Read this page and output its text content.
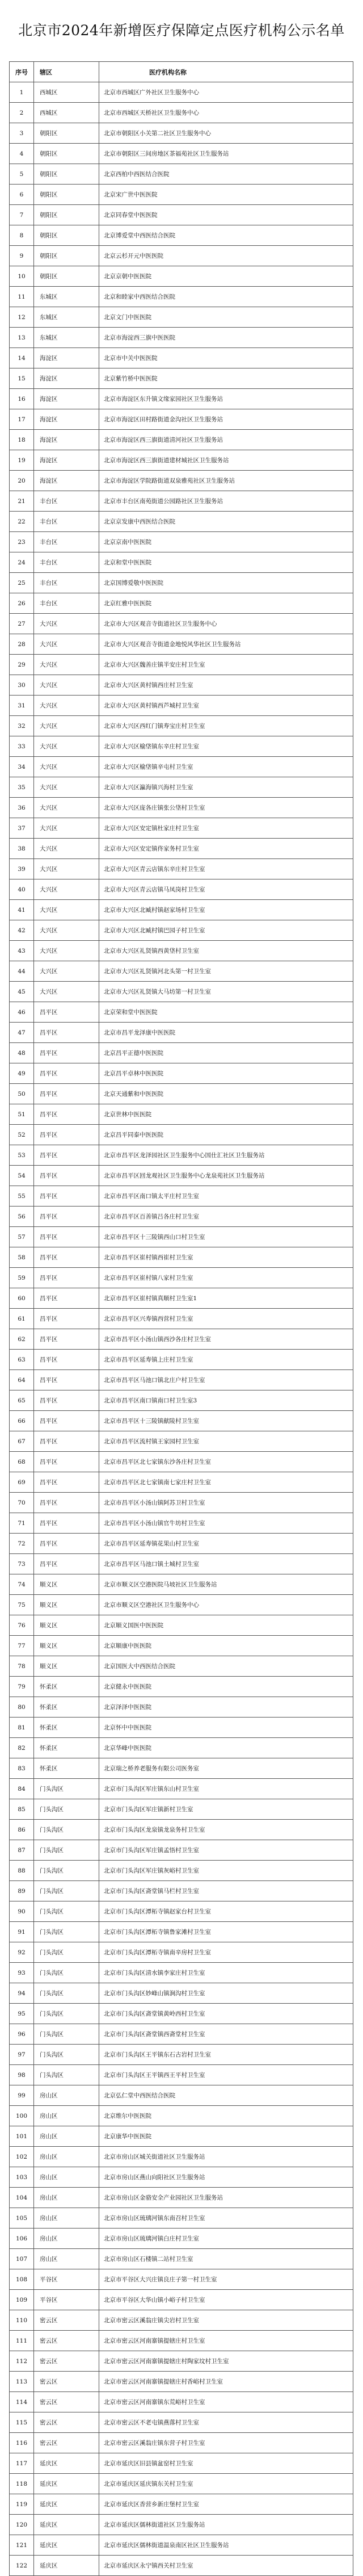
北京市2024年新增医疗保障定点医疗机构公示名单
序号	辖区	医疗机构名称
1	西城区	北京市西城区广外社区卫生服务中心
2	西城区	北京市西城区天桥社区卫生服务中心
3	朝阳区	北京市朝阳区小关第二社区卫生服务中心
4	朝阳区	北京市朝阳区三间房地区茶福苑社区卫生服务站
5	朝阳区	北京西柏中西医结合医院
6	朝阳区	北京宋广世中医医院
7	朝阳区	北京同春堂中医医院
8	朝阳区	北京博爱堂中西医结合医院
9	朝阳区	北京云杉开元中医医院
10	朝阳区	北京京朝中医医院
11	东城区	北京和睦家中西医结合医院
12	东城区	北京文门中医医院
13	东城区	北京市海淀西三旗中医医院
14	海淀区	北京市中关中医医院
15	海淀区	北京紫竹桥中医医院
16	海淀区	北京市海淀区东升镇文缘家园社区卫生服务站
17	海淀区	北京市海淀区田村路街道金沟社区卫生服务站
18	海淀区	北京市海淀区西三旗街道清河社区卫生服务站
19	海淀区	北京市海淀区西三旗街道建材城社区卫生服务站
20	海淀区	北京市海淀区学院路街道双泉雅苑社区卫生服务站
21	丰台区	北京市丰台区南苑街道公园路社区卫生服务站
22	丰台区	北京京发康中西医结合医院
23	丰台区	北京京南中医医院
24	丰台区	北京和堂中医医院
25	丰台区	北京国博爱敬中医医院
26	丰台区	北京红雅中医医院
27	大兴区	北京市大兴区观音寺街道社区卫生服务中心
28	大兴区	北京市大兴区观音寺街道金地悦风华社区卫生服务站
29	大兴区	北京市大兴区魏善庄镇半安庄村卫生室
30	大兴区	北京市大兴区黄村镇西庄村卫生室
31	大兴区	北京市大兴区黄村镇西芦城村卫生室
32	大兴区	北京市大兴区西红门镇寿宝庄村卫生室
33	大兴区	北京市大兴区榆垡镇东辛庄村卫生室
34	大兴区	北京市大兴区榆垡镇辛屯村卫生室
35	大兴区	北京市大兴区瀛海镇兴海村卫生室
36	大兴区	北京市大兴区庞各庄镇张公垡村卫生室
37	大兴区	北京市大兴区安定镇杜家庄村卫生室
38	大兴区	北京市大兴区安定镇佟家务村卫生室
39	大兴区	北京市大兴区青云店镇东辛庄村卫生室
40	大兴区	北京市大兴区青云店镇马凤岗村卫生室
41	大兴区	北京市大兴区北臧村镇赵家场村卫生室
42	大兴区	北京市大兴区北臧村镇巴园子村卫生室
43	大兴区	北京市大兴区礼贤镇西黄垡村卫生室
44	大兴区	北京市大兴区礼贤镇河北头第一村卫生室
45	大兴区	北京市大兴区礼贤镇大马坊第一村卫生室
46	昌平区	北京荣和堂中医医院
47	昌平区	北京市昌平龙泽康中医医院
48	昌平区	北京昌平正德中医医院
49	昌平区	北京昌平卓林中医医院
50	昌平区	北京天通紫和中医医院
51	昌平区	北京世林中医医院
52	昌平区	北京昌平同泰中医医院
53	昌平区	北京市昌平区龙泽园社区卫生服务中心国仕汇社区卫生服务站
54	昌平区	北京市昌平区回龙观社区卫生服务中心龙泉苑社区卫生服务站
55	昌平区	北京市昌平区南口镇太平庄村卫生室
56	昌平区	北京市昌平区百善镇吕各庄村卫生室
57	昌平区	北京市昌平区十三陵镇西山口村卫生室
58	昌平区	北京市昌平区崔村镇西崔村卫生室
59	昌平区	北京市昌平区崔村镇八家村卫生室
60	昌平区	北京市昌平区崔村镇真顺村卫生室1
61	昌平区	北京市昌平区兴寿镇西营村卫生室
62	昌平区	北京市昌平区小汤山镇西沙各庄村卫生室
63	昌平区	北京市昌平区延寿镇上庄村卫生室
64	昌平区	北京市昌平区马池口镇北庄户村卫生室
65	昌平区	北京市昌平区南口镇南口村卫生室3
66	昌平区	北京市昌平区十三陵镇献陵村卫生室
67	昌平区	北京市昌平区流村镇王家园村卫生室
68	昌平区	北京市昌平区北七家镇东沙各庄村卫生室
69	昌平区	北京市昌平区北七家镇南七家庄村卫生室
70	昌平区	北京市昌平区小汤山镇阿苏卫村卫生室
71	昌平区	北京市昌平区小汤山镇官牛坊村卫生室
72	昌平区	北京市昌平区延寿镇花果山村卫生室
73	昌平区	北京市昌平区马池口镇土城村卫生室
74	顺义区	北京市顺义区空港医院马坡社区卫生服务站
75	顺义区	北京市顺义区空港社区卫生服务中心
76	顺义区	北京顺义国医中医医院
77	顺义区	北京顺康中医医院
78	顺义区	北京国医大中西医结合医院
79	怀柔区	北京健永中医医院
80	怀柔区	北京泽泽中医医院
81	怀柔区	北京怀中中医医院
82	怀柔区	北京华峰中医医院
83	怀柔区	北京瑞之桥养老服务有限公司医务室
84	门头沟区	北京市门头沟区军庄镇东山村卫生室
85	门头沟区	北京市门头沟区军庄镇新村卫生室
86	门头沟区	北京市门头沟区龙泉镇龙泉务村卫生室
87	门头沟区	北京市门头沟区军庄镇孟悟村卫生室
88	门头沟区	北京市门头沟区军庄镇灰峪村卫生室
89	门头沟区	北京市门头沟区斋堂镇马栏村卫生室
90	门头沟区	北京市门头沟区潭柘寺镇赵家台村卫生室
91	门头沟区	北京市门头沟区潭柘寺镇鲁家滩村卫生室
92	门头沟区	北京市门头沟区潭柘寺镇南辛房村卫生室
93	门头沟区	北京市门头沟区清水镇李家庄村卫生室
94	门头沟区	北京市门头沟区妙峰山镇涧沟村卫生室
95	门头沟区	北京市门头沟区斋堂镇黄岭西村卫生室
96	门头沟区	北京市门头沟区斋堂镇西斋堂村卫生室
97	门头沟区	北京市门头沟区王平镇东石古岩村卫生室
98	门头沟区	北京市门头沟区王平镇西王平村卫生室
99	房山区	北京弘仁堂中西医结合医院
100	房山区	北京维尔中医医院
101	房山区	北京康华中医医院
102	房山区	北京市房山区城关街道社区卫生服务站
103	房山区	北京市房山区燕山向阳社区卫生服务站
104	房山区	北京市房山区金骆安全产业园社区卫生服务站
105	房山区	北京市房山区琉璃河镇东南召村卫生室
106	房山区	北京市房山区琉璃河镇白庄村卫生室
107	房山区	北京市房山区石楼镇二站村卫生室
108	平谷区	北京市平谷区大兴庄镇良庄子第一村卫生室
109	平谷区	北京市平谷区大华山镇小峪子村卫生室
110	密云区	北京市密云区溪翁庄镇尖岩村卫生室
111	密云区	北京市密云区河南寨镇提辖庄村卫生室
112	密云区	北京市密云区河南寨镇提辖庄村陶家坟村卫生室
113	密云区	北京市密云区河南寨镇提辖庄村香峪村卫生室
114	密云区	北京市密云区河南寨镇东荒峪村卫生室
115	密云区	北京市密云区不老屯镇燕落村卫生室
116	密云区	北京市密云区溪翁庄镇东营子村卫生室
117	延庆区	北京市延庆区旧县镇盆窑村卫生室
118	延庆区	北京市延庆区延庆镇东关村卫生室
119	延庆区	北京市延庆区香营乡新庄堡村卫生室
120	延庆区	北京市延庆区儒林街道社区卫生服务站
121	延庆区	北京市延庆区儒林街道温泉南区社区卫生服务站
122	延庆区	北京市延庆区永宁镇西关村卫生室
